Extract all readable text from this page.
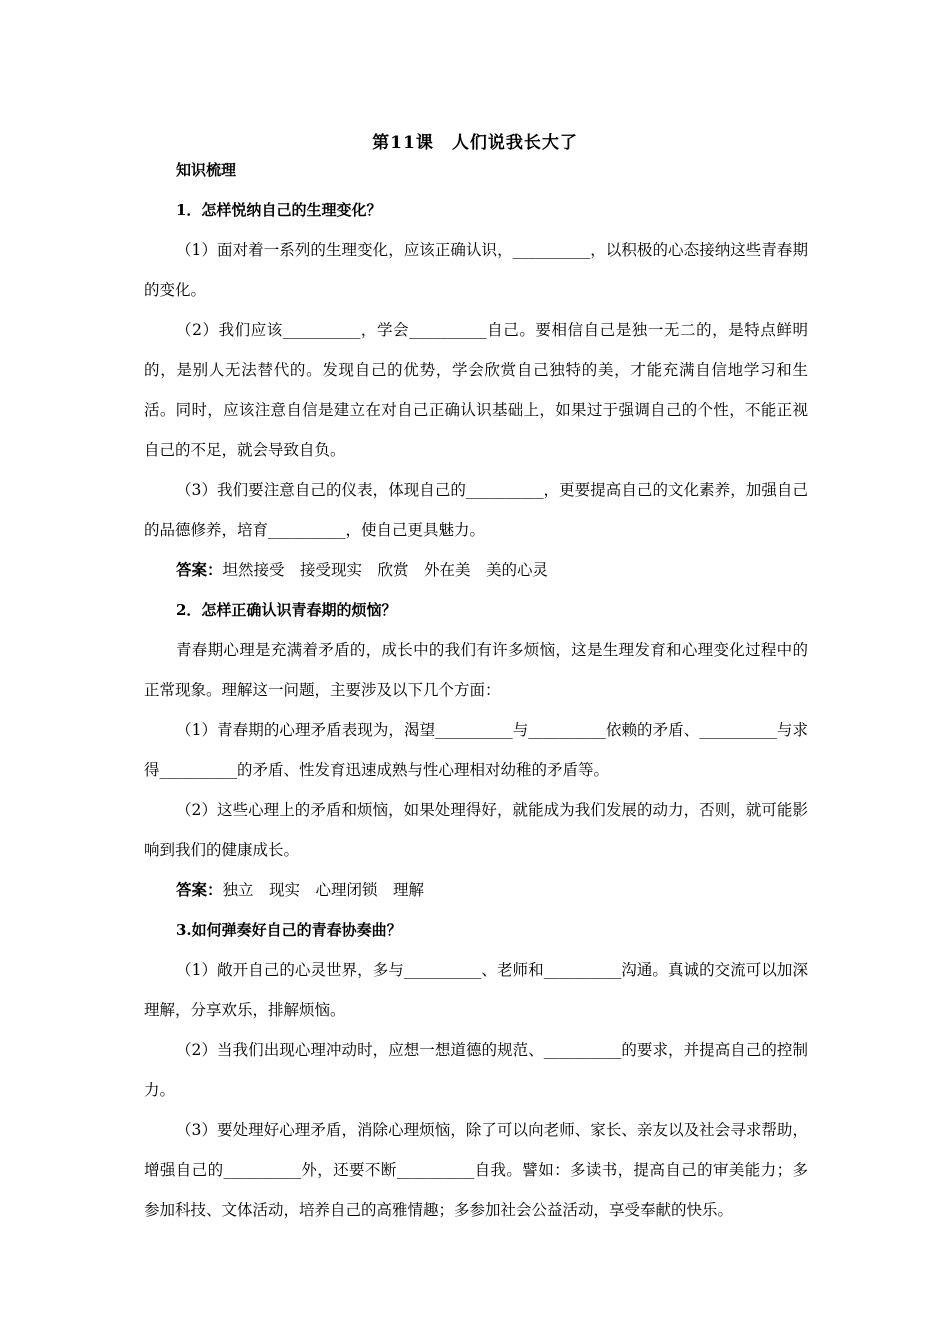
第11课　人们说我长大了
知识梳理
1．怎样悦纳自己的生理变化？

（1）面对着一系列的生理变化，应该正确认识，__________，以积极的心态接纳这些青春期的变化。

（2）我们应该__________，学会__________自己。要相信自己是独一无二的，是特点鲜明的，是别人无法替代的。发现自己的优势，学会欣赏自己独特的美，才能充满自信地学习和生活。同时，应该注意自信是建立在对自己正确认识基础上，如果过于强调自己的个性，不能正视自己的不足，就会导致自负。

（3）我们要注意自己的仪表，体现自己的__________，更要提高自己的文化素养，加强自己的品德修养，培育__________，使自己更具魅力。

答案：坦然接受　接受现实　欣赏　外在美　美的心灵
2．怎样正确认识青春期的烦恼？

青春期心理是充满着矛盾的，成长中的我们有许多烦恼，这是生理发育和心理变化过程中的正常现象。理解这一问题，主要涉及以下几个方面：

（1）青春期的心理矛盾表现为，渴望__________与__________依赖的矛盾、__________与求得__________的矛盾、性发育迅速成熟与性心理相对幼稚的矛盾等。

（2）这些心理上的矛盾和烦恼，如果处理得好，就能成为我们发展的动力，否则，就可能影响到我们的健康成长。

答案：独立　现实　心理闭锁　理解
3.如何弹奏好自己的青春协奏曲？

（1）敞开自己的心灵世界，多与__________、老师和__________沟通。真诚的交流可以加深理解，分享欢乐，排解烦恼。

（2）当我们出现心理冲动时，应想一想道德的规范、__________的要求，并提高自己的控制力。

（3）要处理好心理矛盾，消除心理烦恼，除了可以向老师、家长、亲友以及社会寻求帮助，增强自己的__________外，还要不断__________自我。譬如：多读书，提高自己的审美能力；多参加科技、文体活动，培养自己的高雅情趣；多参加社会公益活动，享受奉献的快乐。
